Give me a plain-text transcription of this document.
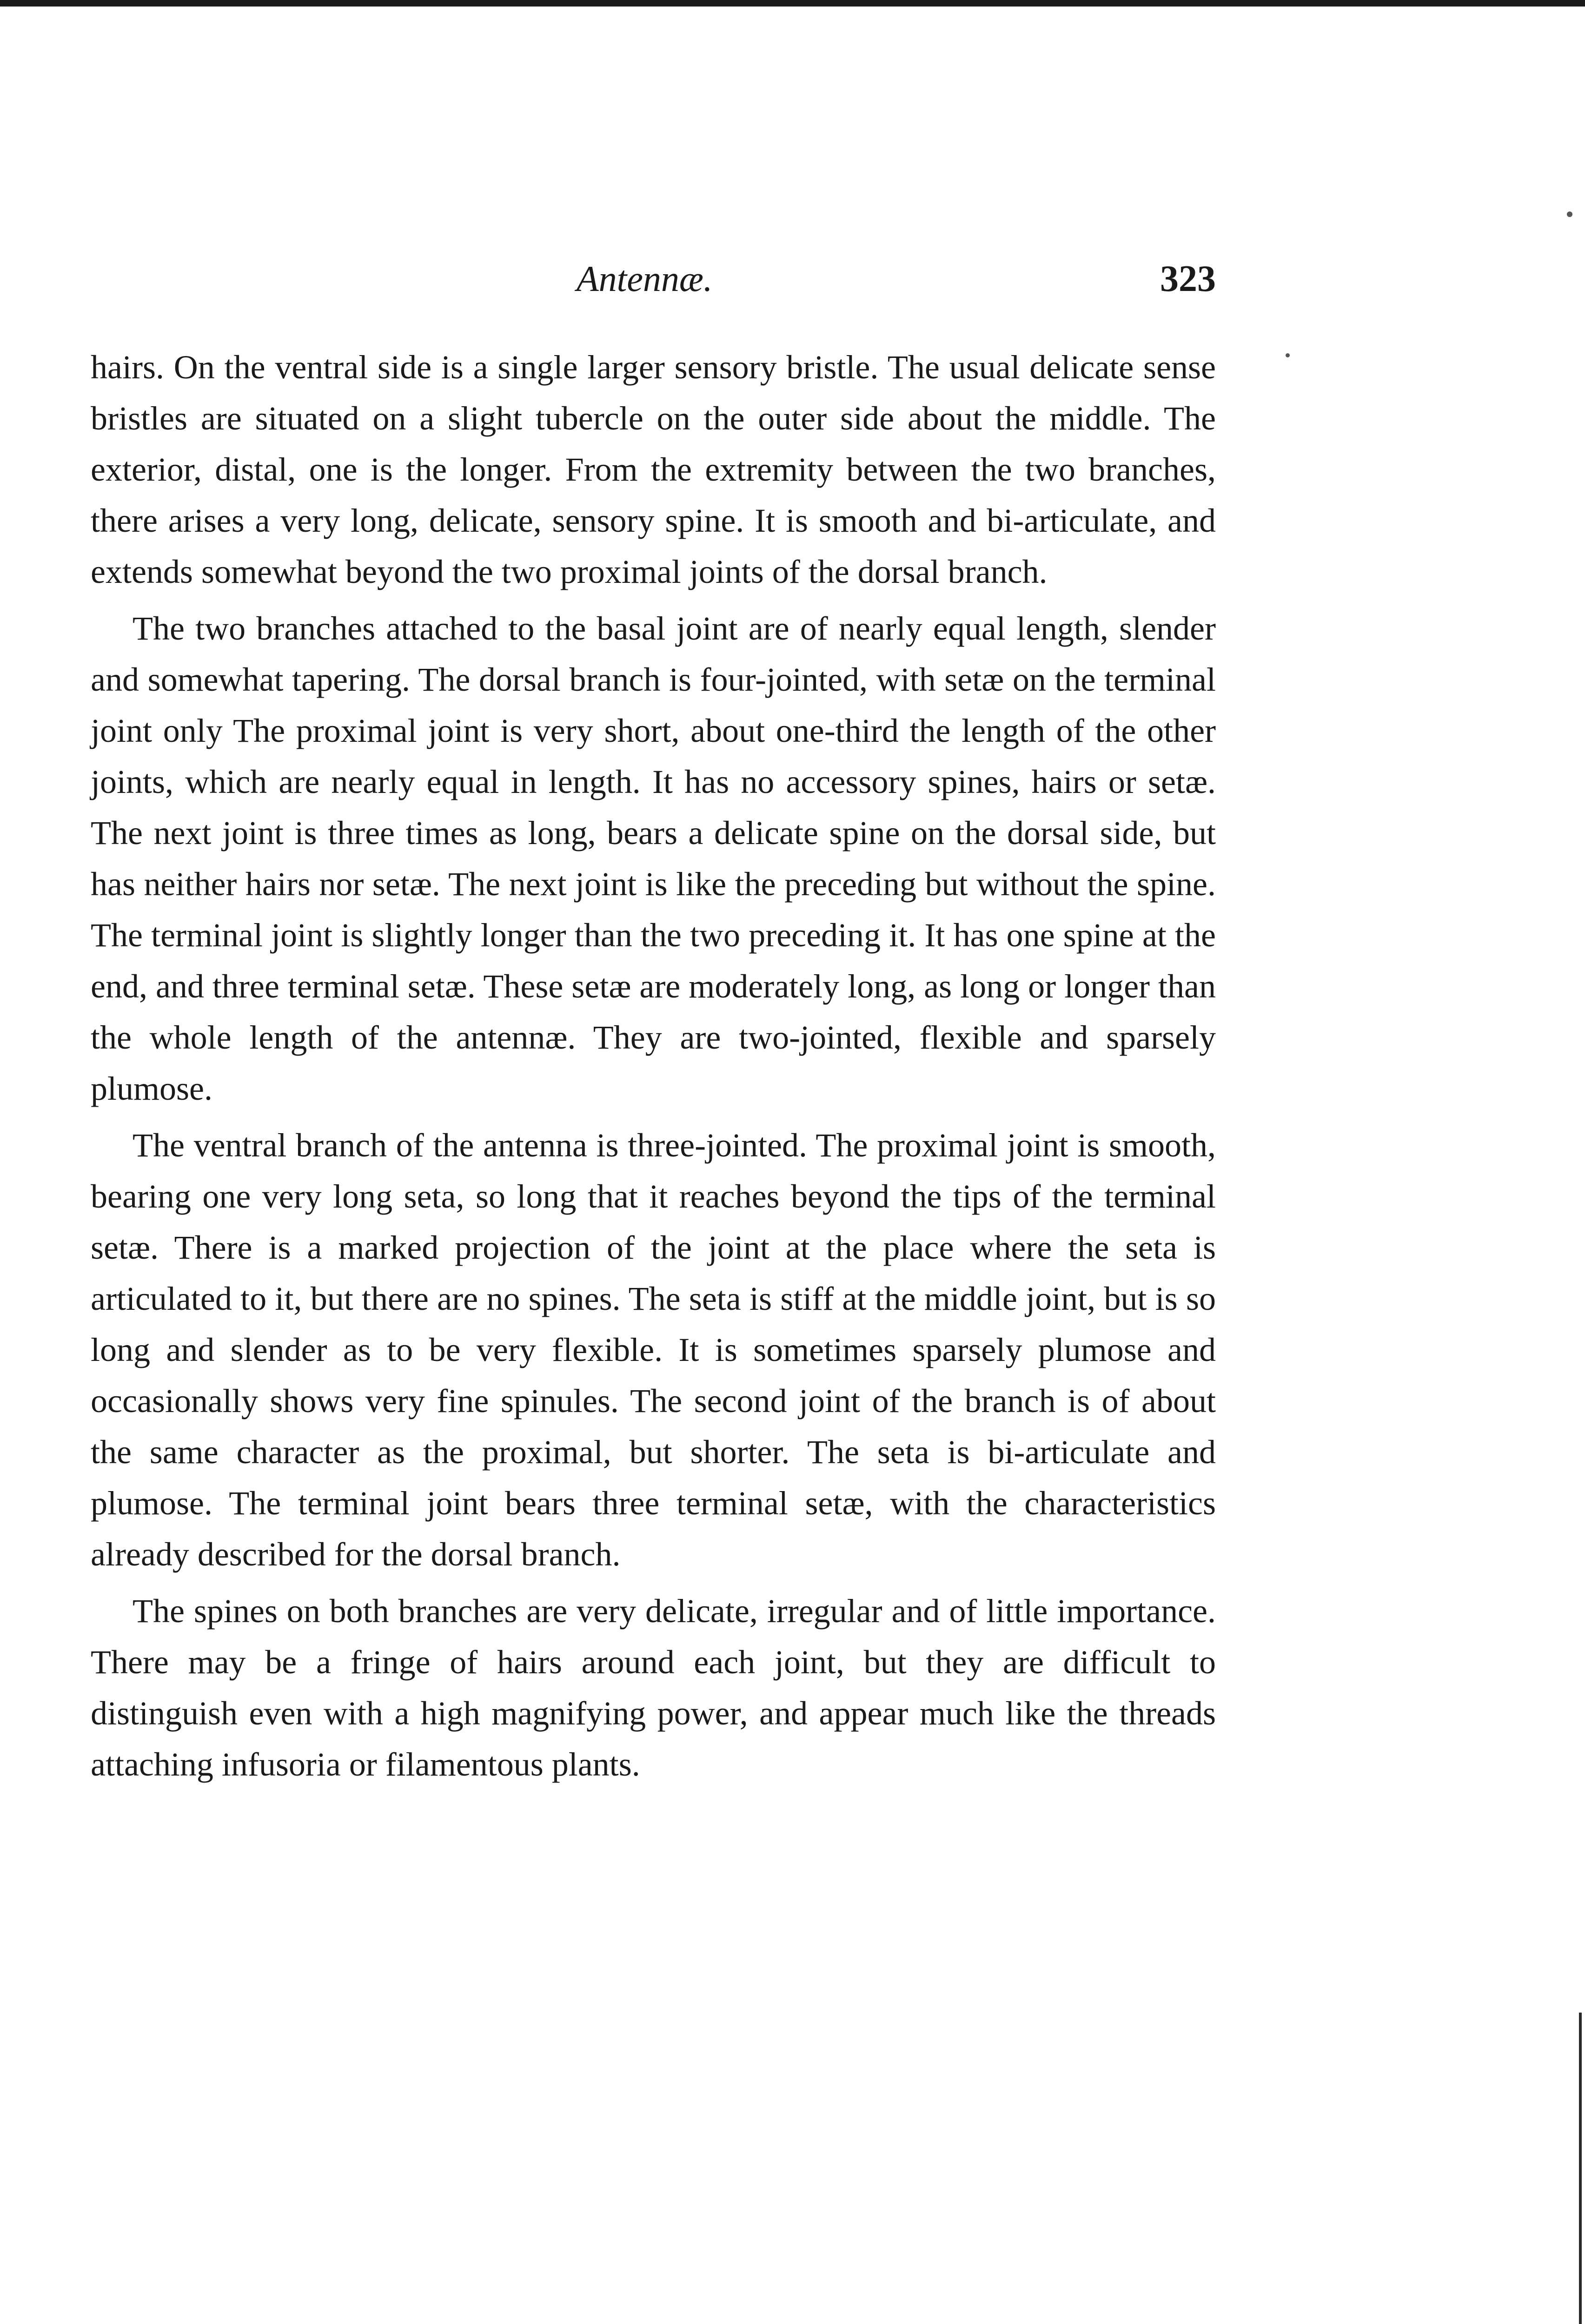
Antennæ.	323

hairs. On the ventral side is a single larger sensory bristle. The usual delicate sense bristles are situated on a slight tubercle on the outer side about the middle. The exterior, distal, one is the longer. From the extremity between the two branches, there arises a very long, delicate, sensory spine. It is smooth and bi-articulate, and extends somewhat beyond the two proximal joints of the dorsal branch.

The two branches attached to the basal joint are of nearly equal length, slender and somewhat tapering. The dorsal branch is four-jointed, with setæ on the terminal joint only The proximal joint is very short, about one-third the length of the other joints, which are nearly equal in length. It has no accessory spines, hairs or setæ. The next joint is three times as long, bears a delicate spine on the dorsal side, but has neither hairs nor setæ. The next joint is like the preceding but without the spine. The terminal joint is slightly longer than the two preceding it. It has one spine at the end, and three terminal setæ. These setæ are moderately long, as long or longer than the whole length of the antennæ. They are two-jointed, flexible and sparsely plumose.

The ventral branch of the antenna is three-jointed. The proximal joint is smooth, bearing one very long seta, so long that it reaches beyond the tips of the terminal setæ. There is a marked projection of the joint at the place where the seta is articulated to it, but there are no spines. The seta is stiff at the middle joint, but is so long and slender as to be very flexible. It is sometimes sparsely plumose and occasionally shows very fine spinules. The second joint of the branch is of about the same character as the proximal, but shorter. The seta is bi-articulate and plumose. The terminal joint bears three terminal setæ, with the characteristics already described for the dorsal branch.

The spines on both branches are very delicate, irregular and of little importance. There may be a fringe of hairs around each joint, but they are difficult to distinguish even with a high magnifying power, and appear much like the threads attaching infusoria or filamentous plants.
